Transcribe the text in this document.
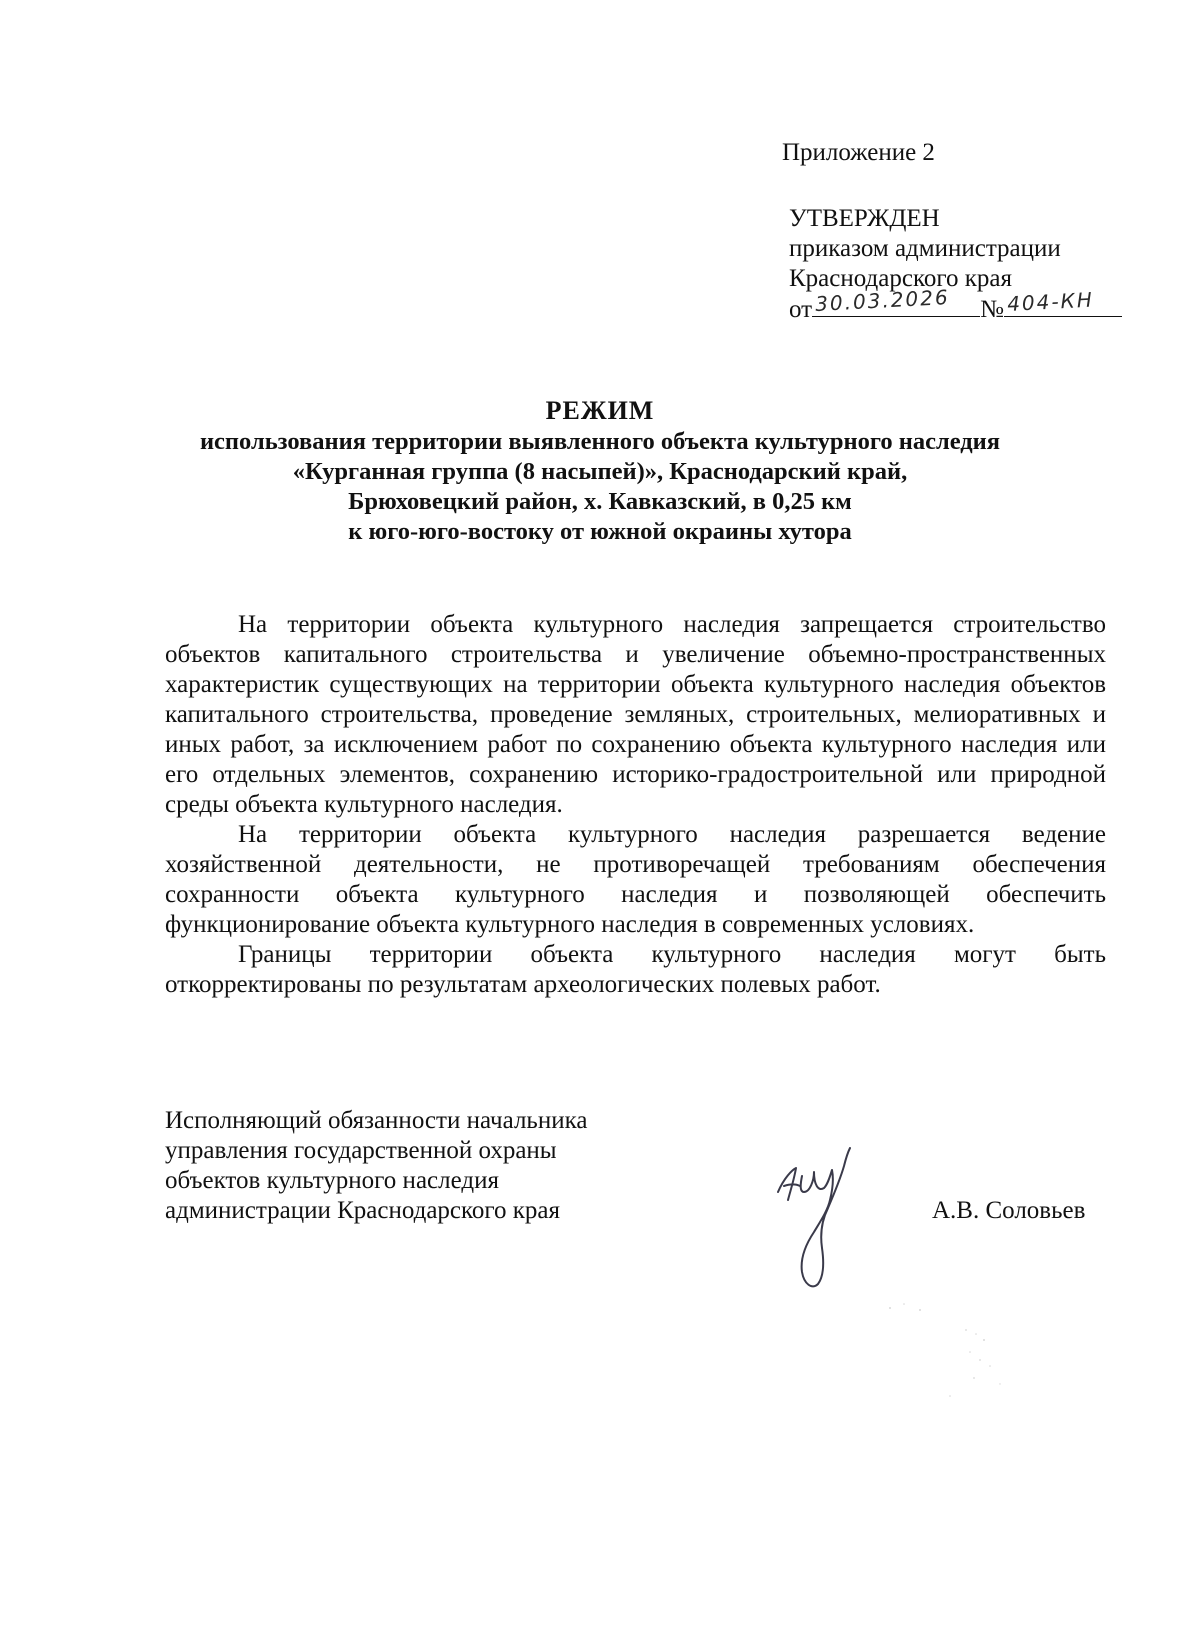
Приложение 2
УТВЕРЖДЕН
приказом администрации
Краснодарского края
от 30.03.2026 № 404-КН
РЕЖИМ
использования территории выявленного объекта культурного наследия
«Курганная группа (8 насыпей)», Краснодарский край,
Брюховецкий район, х. Кавказский, в 0,25 км
к юго-юго-востоку от южной окраины хутора

На территории объекта культурного наследия запрещается строительство объектов капитального строительства и увеличение объемно-пространственных характеристик существующих на территории объекта культурного наследия объектов капитального строительства, проведение земляных, строительных, мелиоративных и иных работ, за исключением работ по сохранению объекта культурного наследия или его отдельных элементов, сохранению историко-градостроительной или природной среды объекта культурного наследия.

На территории объекта культурного наследия разрешается ведение хозяйственной деятельности, не противоречащей требованиям обеспечения сохранности объекта культурного наследия и позволяющей обеспечить функционирование объекта культурного наследия в современных условиях.

Границы территории объекта культурного наследия могут быть откорректированы по результатам археологических полевых работ.

Исполняющий обязанности начальника
управления государственной охраны
объектов культурного наследия
администрации Краснодарского края	А.В. Соловьев
